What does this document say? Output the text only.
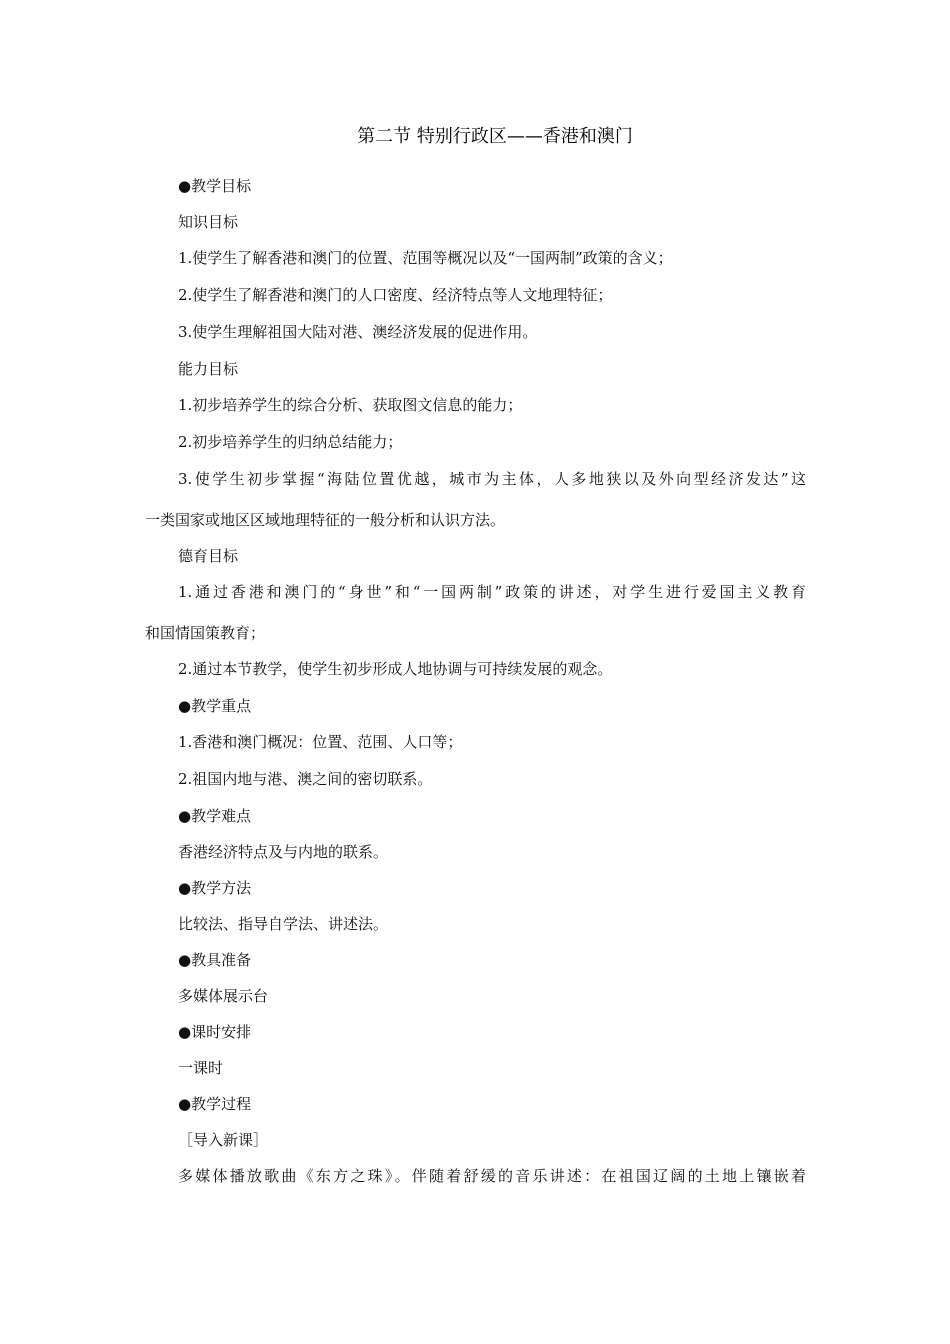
第二节 特别行政区——香港和澳门
●教学目标
知识目标
1.使学生了解香港和澳门的位置、范围等概况以及“一国两制”政策的含义；
2.使学生了解香港和澳门的人口密度、经济特点等人文地理特征；
3.使学生理解祖国大陆对港、澳经济发展的促进作用。
能力目标
1.初步培养学生的综合分析、获取图文信息的能力；
2.初步培养学生的归纳总结能力；
3.使学生初步掌握“海陆位置优越，城市为主体，人多地狭以及外向型经济发达”这
一类国家或地区区域地理特征的一般分析和认识方法。
德育目标
1.通过香港和澳门的“身世”和“一国两制”政策的讲述，对学生进行爱国主义教育
和国情国策教育；
2.通过本节教学，使学生初步形成人地协调与可持续发展的观念。
●教学重点
1.香港和澳门概况：位置、范围、人口等；
2.祖国内地与港、澳之间的密切联系。
●教学难点
香港经济特点及与内地的联系。
●教学方法
比较法、指导自学法、讲述法。
●教具准备
多媒体展示台
●课时安排
一课时
●教学过程
［导入新课］
多媒体播放歌曲《东方之珠》。伴随着舒缓的音乐讲述：在祖国辽阔的土地上镶嵌着
